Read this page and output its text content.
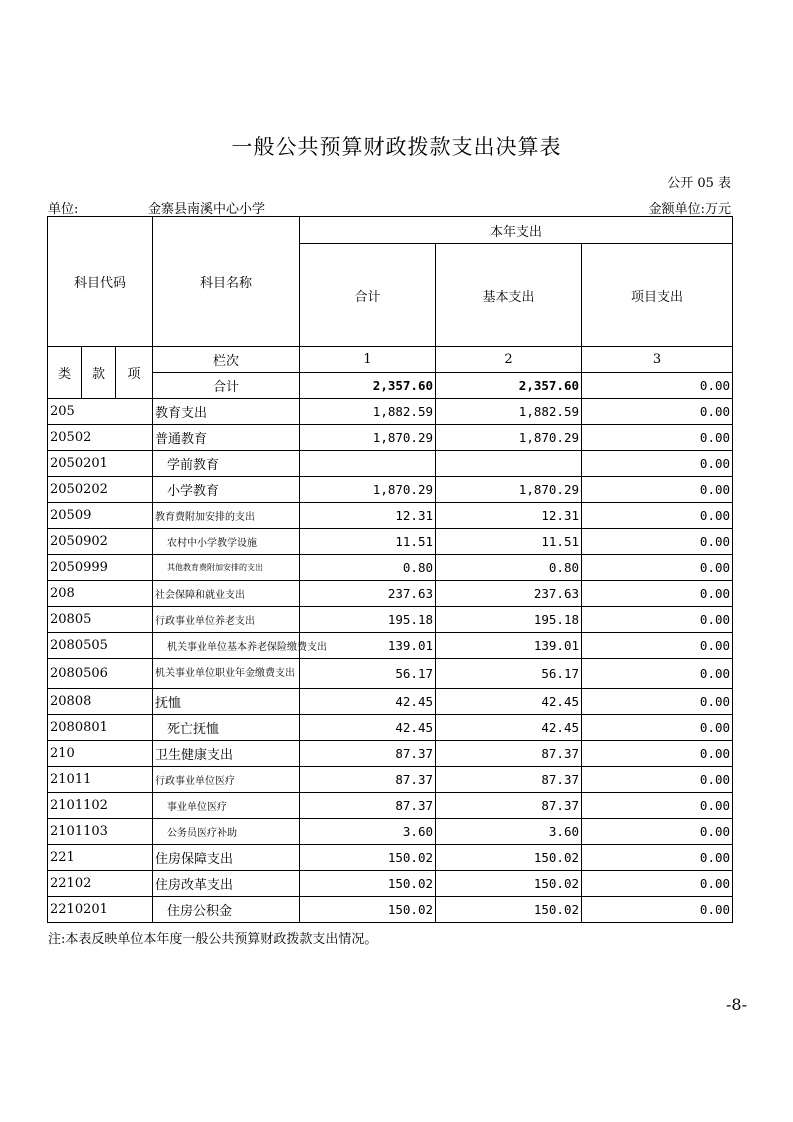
一般公共预算财政拨款支出决算表
公开 05 表
单位:	金寨县南溪中心小学	金额单位:万元
科目代码			科目名称	本年支出		
				合计	基本支出	项目支出
类	款	项	栏次	1	2	3
			合计	2,357.60	2,357.60	0.00
205			教育支出	1,882.59	1,882.59	0.00
20502			普通教育	1,870.29	1,870.29	0.00
2050201			学前教育			0.00
2050202			小学教育	1,870.29	1,870.29	0.00
20509			教育费附加安排的支出	12.31	12.31	0.00
2050902			农村中小学教学设施	11.51	11.51	0.00
2050999			其他教育费附加安排的支出	0.80	0.80	0.00
208			社会保障和就业支出	237.63	237.63	0.00
20805			行政事业单位养老支出	195.18	195.18	0.00
2080505			机关事业单位基本养老保险缴费支出	139.01	139.01	0.00
2080506			机关事业单位职业年金缴费支出	56.17	56.17	0.00
20808			抚恤	42.45	42.45	0.00
2080801			死亡抚恤	42.45	42.45	0.00
210			卫生健康支出	87.37	87.37	0.00
21011			行政事业单位医疗	87.37	87.37	0.00
2101102			事业单位医疗	87.37	87.37	0.00
2101103			公务员医疗补助	3.60	3.60	0.00
221			住房保障支出	150.02	150.02	0.00
22102			住房改革支出	150.02	150.02	0.00
2210201			住房公积金	150.02	150.02	0.00
注:本表反映单位本年度一般公共预算财政拨款支出情况。
-8-
